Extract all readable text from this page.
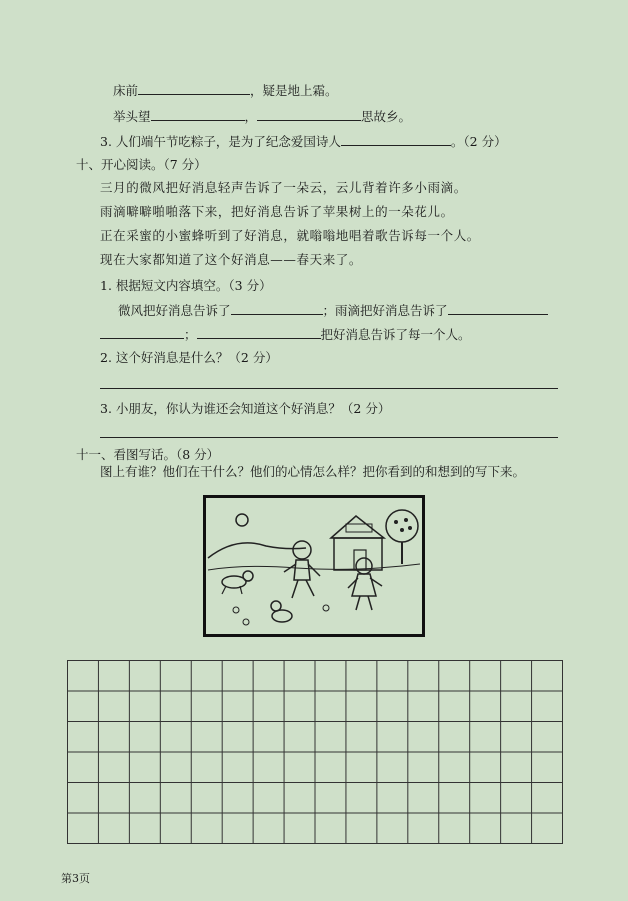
床前	，疑是地上霜。
举头望	，	思故乡。
3. 人们端午节吃粽子，是为了纪念爱国诗人	。（2 分）
十、开心阅读。（7 分）
三月的微风把好消息轻声告诉了一朵云，云儿背着许多小雨滴。
雨滴噼噼啪啪落下来，把好消息告诉了苹果树上的一朵花儿。
正在采蜜的小蜜蜂听到了好消息，就嗡嗡地唱着歌告诉每一个人。
现在大家都知道了这个好消息——春天来了。
1. 根据短文内容填空。（3 分）
微风把好消息告诉了	；雨滴把好消息告诉了
；	把好消息告诉了每一个人。
2. 这个好消息是什么？（2 分）
3. 小朋友，你认为谁还会知道这个好消息？（2 分）
十一、看图写话。（8 分）
图上有谁？他们在干什么？他们的心情怎么样？把你看到的和想到的写下来。
第3页
